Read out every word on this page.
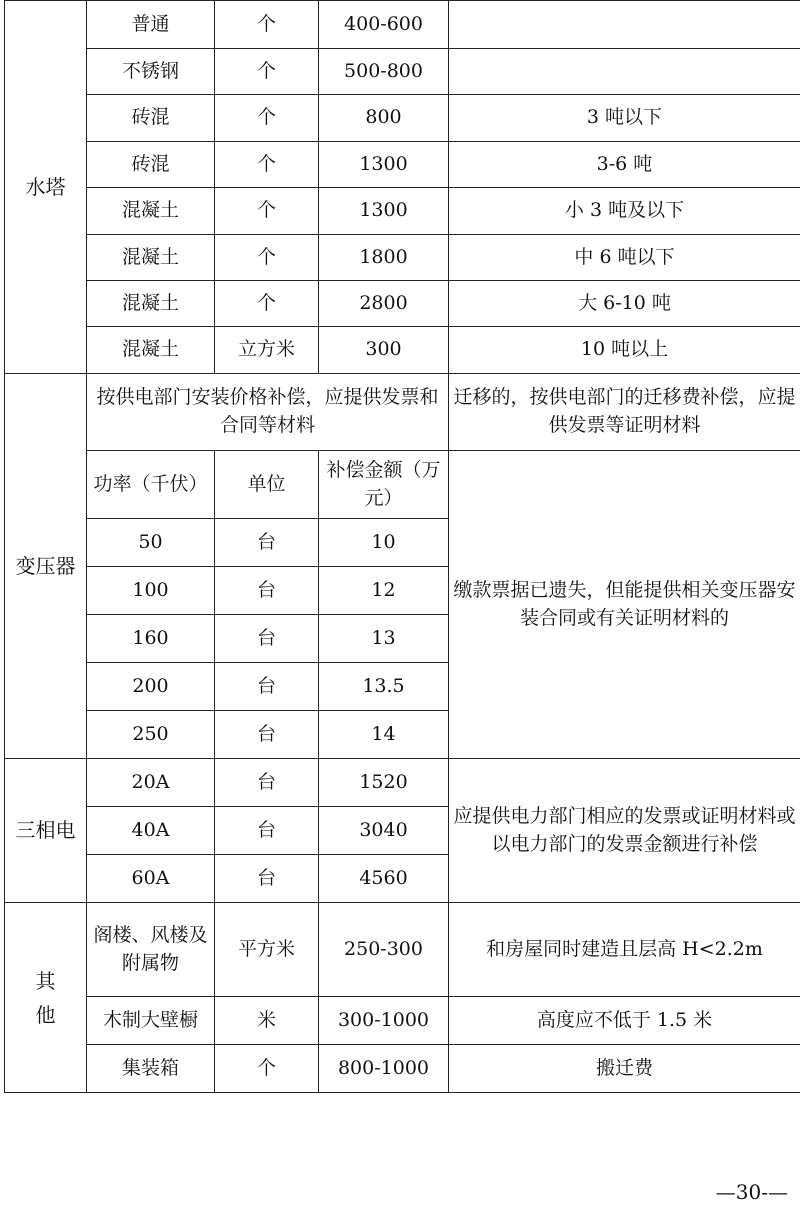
水塔	普通	个	400-600	
	不锈钢	个	500-800	
	砖混	个	800	3 吨以下
	砖混	个	1300	3-6 吨
	混凝土	个	1300	小 3 吨及以下
	混凝土	个	1800	中 6 吨以下
	混凝土	个	2800	大 6-10 吨
	混凝土	立方米	300	10 吨以上
变压器	按供电部门安装价格补偿，应提供发票和合同等材料			迁移的，按供电部门的迁移费补偿，应提供发票等证明材料
	功率（千伏）	单位	补偿金额（万元）	缴款票据已遗失，但能提供相关变压器安装合同或有关证明材料的
	50	台	10	
	100	台	12	
	160	台	13	
	200	台	13.5	
	250	台	14	
三相电	20A	台	1520	应提供电力部门相应的发票或证明材料或以电力部门的发票金额进行补偿
	40A	台	3040	
	60A	台	4560	
其
他	阁楼、风楼及附属物	平方米	250-300	和房屋同时建造且层高 H<2.2m
	木制大壁橱	米	300-1000	高度应不低于 1.5 米
	集装箱	个	800-1000	搬迁费
—30-—
